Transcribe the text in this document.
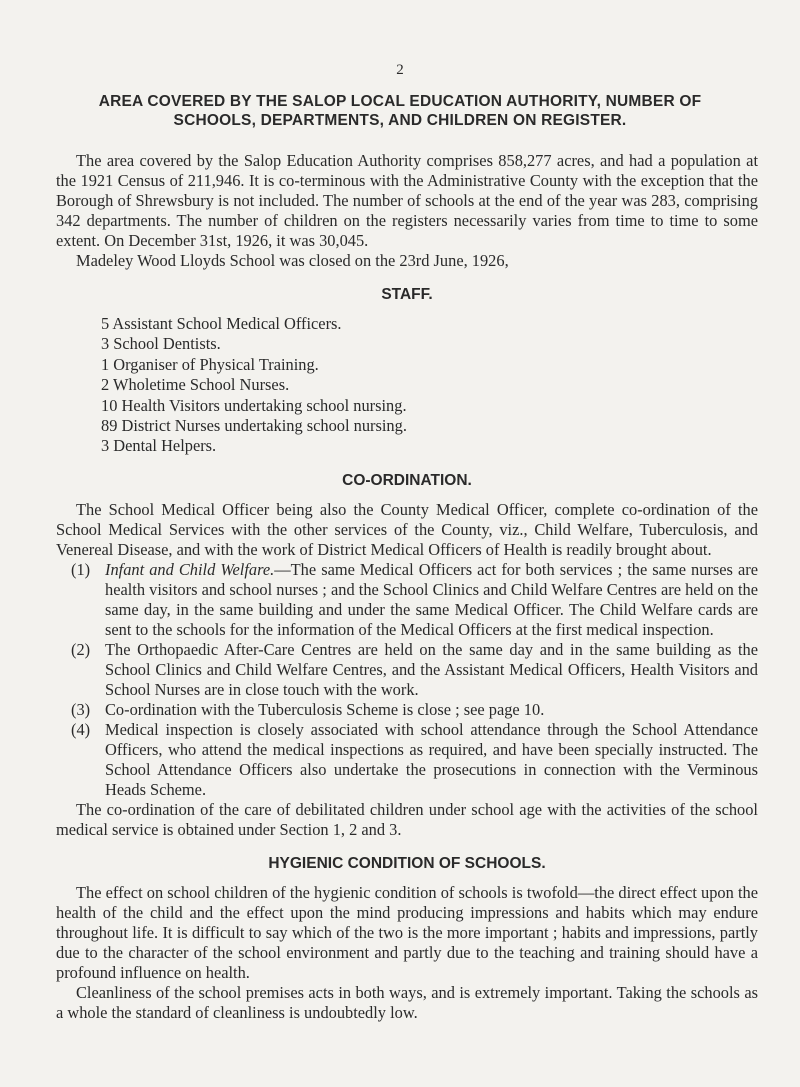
2
AREA COVERED BY THE SALOP LOCAL EDUCATION AUTHORITY, NUMBER OF SCHOOLS, DEPARTMENTS, AND CHILDREN ON REGISTER.

The area covered by the Salop Education Authority comprises 858,277 acres, and had a population at the 1921 Census of 211,946. It is co-terminous with the Administrative County with the exception that the Borough of Shrewsbury is not included. The number of schools at the end of the year was 283, comprising 342 departments. The number of children on the registers necessarily varies from time to time to some extent. On December 31st, 1926, it was 30,045.

Madeley Wood Lloyds School was closed on the 23rd June, 1926,

STAFF.
5 Assistant School Medical Officers.
3 School Dentists.
1 Organiser of Physical Training.
2 Wholetime School Nurses.
10 Health Visitors undertaking school nursing.
89 District Nurses undertaking school nursing.
3 Dental Helpers.
CO-ORDINATION.

The School Medical Officer being also the County Medical Officer, complete co-ordination of the School Medical Services with the other services of the County, viz., Child Welfare, Tuberculosis, and Venereal Disease, and with the work of District Medical Officers of Health is readily brought about.

(1) Infant and Child Welfare.—The same Medical Officers act for both services ; the same nurses are health visitors and school nurses ; and the School Clinics and Child Welfare Centres are held on the same day, in the same building and under the same Medical Officer. The Child Welfare cards are sent to the schools for the information of the Medical Officers at the first medical inspection.
(2) The Orthopaedic After-Care Centres are held on the same day and in the same building as the School Clinics and Child Welfare Centres, and the Assistant Medical Officers, Health Visitors and School Nurses are in close touch with the work.
(3) Co-ordination with the Tuberculosis Scheme is close ; see page 10.
(4) Medical inspection is closely associated with school attendance through the School Attendance Officers, who attend the medical inspections as required, and have been specially instructed. The School Attendance Officers also undertake the prosecutions in connection with the Verminous Heads Scheme.

The co-ordination of the care of debilitated children under school age with the activities of the school medical service is obtained under Section 1, 2 and 3.

HYGIENIC CONDITION OF SCHOOLS.

The effect on school children of the hygienic condition of schools is twofold—the direct effect upon the health of the child and the effect upon the mind producing impressions and habits which may endure throughout life. It is difficult to say which of the two is the more important ; habits and impressions, partly due to the character of the school environment and partly due to the teaching and training should have a profound influence on health.

Cleanliness of the school premises acts in both ways, and is extremely important. Taking the schools as a whole the standard of cleanliness is undoubtedly low.
